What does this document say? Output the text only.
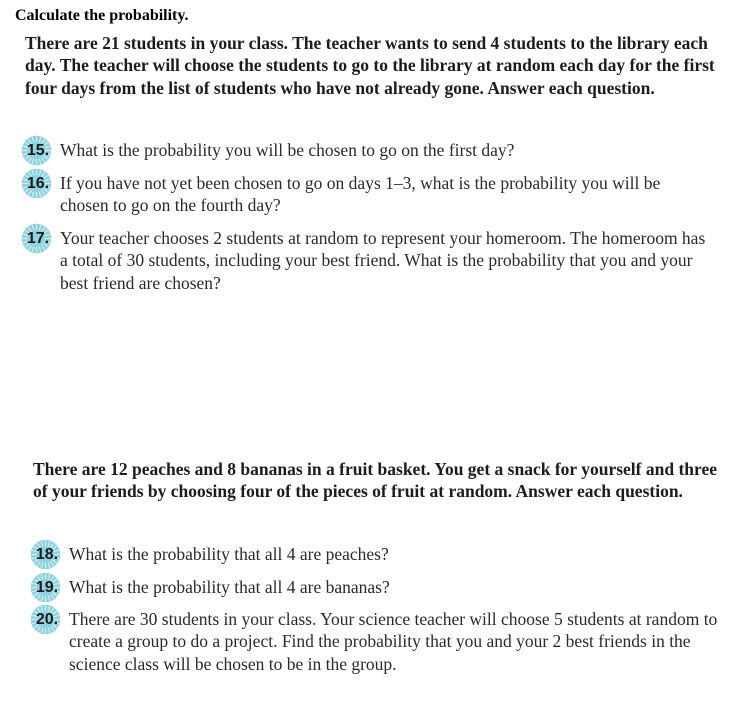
Calculate the probability.
There are 21 students in your class. The teacher wants to send 4 students to the library each day. The teacher will choose the students to go to the library at random each day for the first four days from the list of students who have not already gone. Answer each question.
15. What is the probability you will be chosen to go on the first day?
16. If you have not yet been chosen to go on days 1–3, what is the probability you will be chosen to go on the fourth day?
17. Your teacher chooses 2 students at random to represent your homeroom. The homeroom has a total of 30 students, including your best friend. What is the probability that you and your best friend are chosen?
There are 12 peaches and 8 bananas in a fruit basket. You get a snack for yourself and three of your friends by choosing four of the pieces of fruit at random. Answer each question.
18. What is the probability that all 4 are peaches?
19. What is the probability that all 4 are bananas?
20. There are 30 students in your class. Your science teacher will choose 5 students at random to create a group to do a project. Find the probability that you and your 2 best friends in the science class will be chosen to be in the group.
